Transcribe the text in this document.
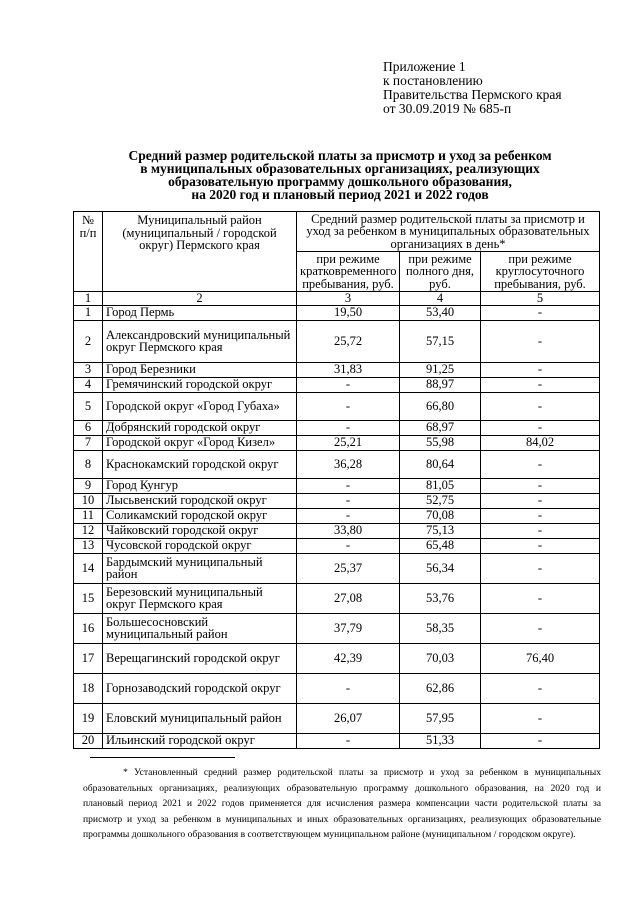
Приложение 1
к постановлению
Правительства Пермского края
от 30.09.2019 № 685-п
Средний размер родительской платы за присмотр и уход за ребенком
в муниципальных образовательных организациях, реализующих
образовательную программу дошкольного образования,
на 2020 год и плановый период 2021 и 2022 годов
№ п/п	Муниципальный район (муниципальный / городской округ) Пермского края	Средний размер родительской платы за присмотр и уход за ребенком в муниципальных образовательных организациях в день*		
		при режиме кратковременного пребывания, руб.	при режиме полного дня, руб.	при режиме круглосуточного пребывания, руб.
1	2	3	4	5
1	Город Пермь	19,50	53,40	-
2	Александровский муниципальный округ Пермского края	25,72	57,15	-
3	Город Березники	31,83	91,25	-
4	Гремячинский городской округ	-	88,97	-
5	Городской округ «Город Губаха»	-	66,80	-
6	Добрянский городской округ	-	68,97	-
7	Городской округ «Город Кизел»	25,21	55,98	84,02
8	Краснокамский городской округ	36,28	80,64	-
9	Город Кунгур	-	81,05	-
10	Лысьвенский городской округ	-	52,75	-
11	Соликамский городской округ	-	70,08	-
12	Чайковский городской округ	33,80	75,13	-
13	Чусовской городской округ	-	65,48	-
14	Бардымский муниципальный район	25,37	56,34	-
15	Березовский муниципальный округ Пермского края	27,08	53,76	-
16	Большесосновский муниципальный район	37,79	58,35	-
17	Верещагинский городской округ	42,39	70,03	76,40
18	Горнозаводский городской округ	-	62,86	-
19	Еловский муниципальный район	26,07	57,95	-
20	Ильинский городской округ	-	51,33	-
* Установленный средний размер родительской платы за присмотр и уход за ребенком в муниципальных образовательных организациях, реализующих образовательную программу дошкольного образования, на 2020 год и плановый период 2021 и 2022 годов применяется для исчисления размера компенсации части родительской платы за присмотр и уход за ребенком в муниципальных и иных образовательных организациях, реализующих образовательные программы дошкольного образования в соответствующем муниципальном районе (муниципальном / городском округе).
